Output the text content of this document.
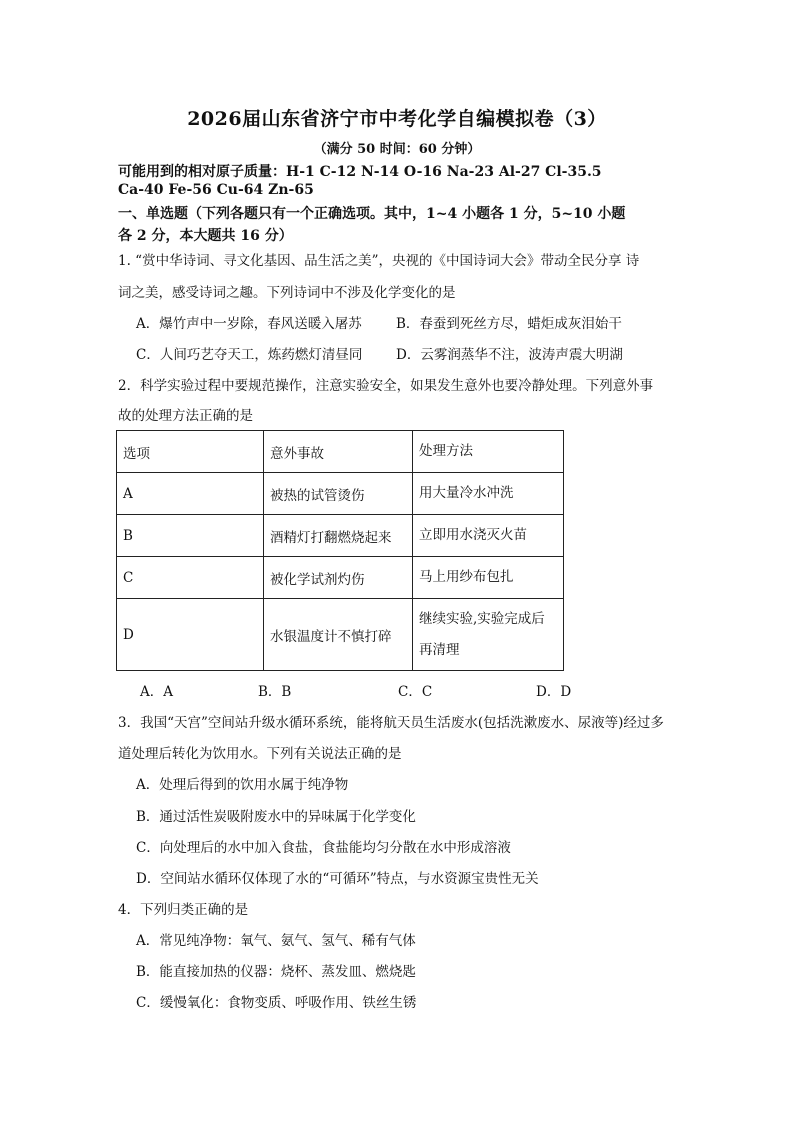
2026届山东省济宁市中考化学自编模拟卷（3）
（满分 50 时间：60 分钟）
可能用到的相对原子质量：H-1 C-12 N-14 O-16 Na-23 Al-27 Cl-35.5
Ca-40 Fe-56 Cu-64 Zn-65
一、单选题（下列各题只有一个正确选项。其中，1~4 小题各 1 分，5~10 小题
各 2 分，本大题共 16 分）
1. “赏中华诗词、寻文化基因、品生活之美”，央视的《中国诗词大会》带动全民分享 诗
词之美，感受诗词之趣。下列诗词中不涉及化学变化的是
A．爆竹声中一岁除，春风送暖入屠苏	B．春蚕到死丝方尽，蜡炬成灰泪始干
C．人间巧艺夺天工，炼药燃灯清昼同 D．云雾润蒸华不注，波涛声震大明湖
2．科学实验过程中要规范操作，注意实验安全，如果发生意外也要冷静处理。下列意外事
故的处理方法正确的是
选项	意外事故	处理方法
A	被热的试管烫伤	用大量冷水冲洗
B	酒精灯打翻燃烧起来	立即用水浇灭火苗
C	被化学试剂灼伤	马上用纱布包扎
D	水银温度计不慎打碎	继续实验,实验完成后再清理
A．A	B．B	C．C	D．D
3．我国“天宫”空间站升级水循环系统，能将航天员生活废水(包括洗漱废水、尿液等)经过多
道处理后转化为饮用水。下列有关说法正确的是
A．处理后得到的饮用水属于纯净物
B．通过活性炭吸附废水中的异味属于化学变化
C．向处理后的水中加入食盐，食盐能均匀分散在水中形成溶液
D．空间站水循环仅体现了水的“可循环”特点，与水资源宝贵性无关
4．下列归类正确的是
A．常见纯净物：氧气、氨气、氢气、稀有气体
B．能直接加热的仪器：烧杯、蒸发皿、燃烧匙
C．缓慢氧化：食物变质、呼吸作用、铁丝生锈
